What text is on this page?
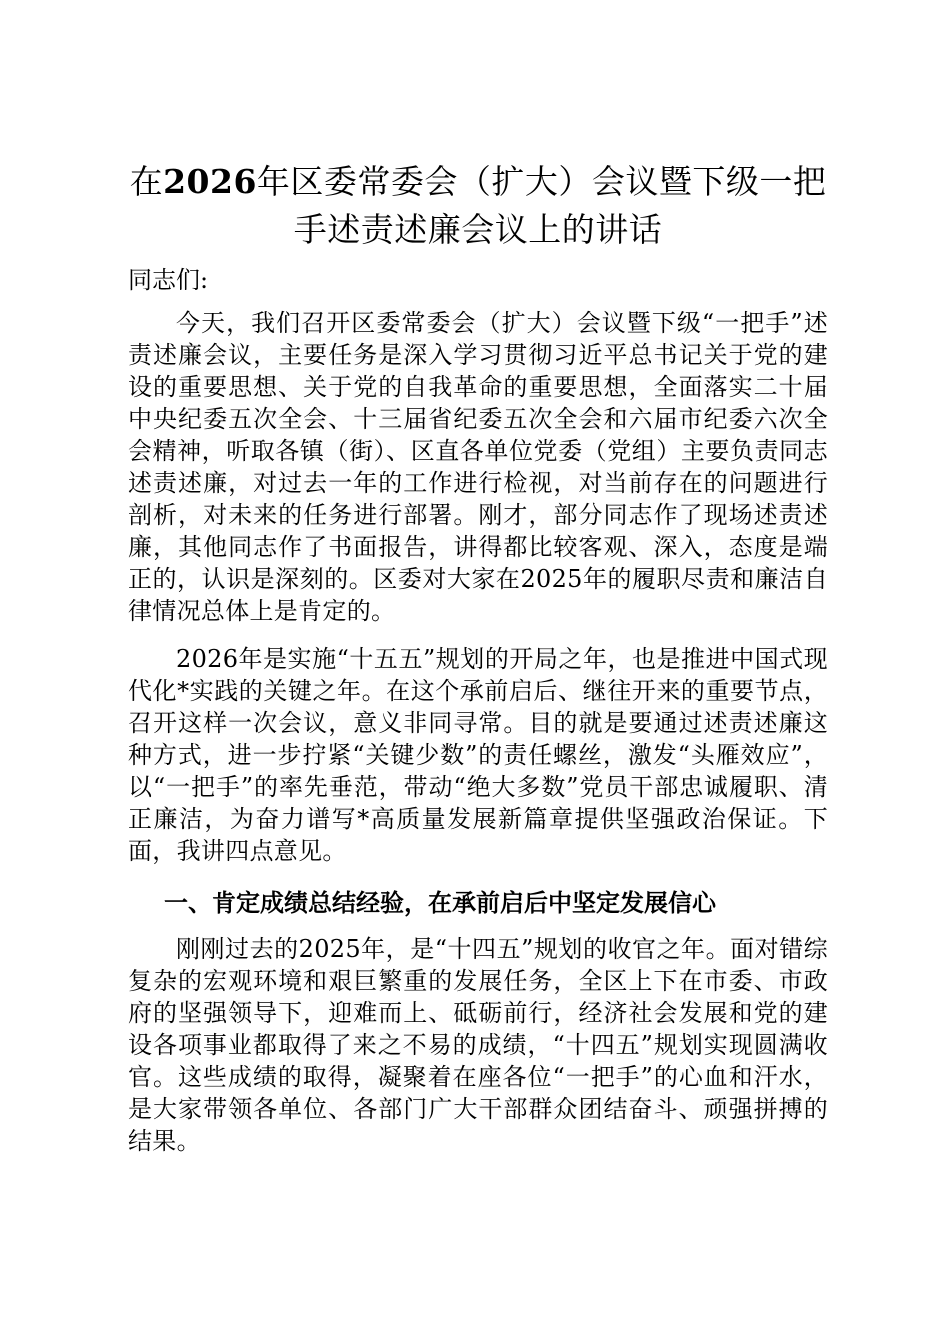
在2026年区委常委会（扩大）会议暨下级一把手述责述廉会议上的讲话

同志们:

今天，我们召开区委常委会（扩大）会议暨下级“一把手”述责述廉会议，主要任务是深入学习贯彻习近平总书记关于党的建设的重要思想、关于党的自我革命的重要思想，全面落实二十届中央纪委五次全会、十三届省纪委五次全会和六届市纪委六次全会精神，听取各镇（街）、区直各单位党委（党组）主要负责同志述责述廉，对过去一年的工作进行检视，对当前存在的问题进行剖析，对未来的任务进行部署。刚才，部分同志作了现场述责述廉，其他同志作了书面报告，讲得都比较客观、深入，态度是端正的，认识是深刻的。区委对大家在2025年的履职尽责和廉洁自律情况总体上是肯定的。

2026年是实施“十五五”规划的开局之年，也是推进中国式现代化*实践的关键之年。在这个承前启后、继往开来的重要节点，召开这样一次会议，意义非同寻常。目的就是要通过述责述廉这种方式，进一步拧紧“关键少数”的责任螺丝，激发“头雁效应”，以“一把手”的率先垂范，带动“绝大多数”党员干部忠诚履职、清正廉洁，为奋力谱写*高质量发展新篇章提供坚强政治保证。下面，我讲四点意见。

一、肯定成绩总结经验，在承前启后中坚定发展信心

刚刚过去的2025年，是“十四五”规划的收官之年。面对错综复杂的宏观环境和艰巨繁重的发展任务，全区上下在市委、市政府的坚强领导下，迎难而上、砥砺前行，经济社会发展和党的建设各项事业都取得了来之不易的成绩，“十四五”规划实现圆满收官。这些成绩的取得，凝聚着在座各位“一把手”的心血和汗水，是大家带领各单位、各部门广大干部群众团结奋斗、顽强拼搏的结果。
